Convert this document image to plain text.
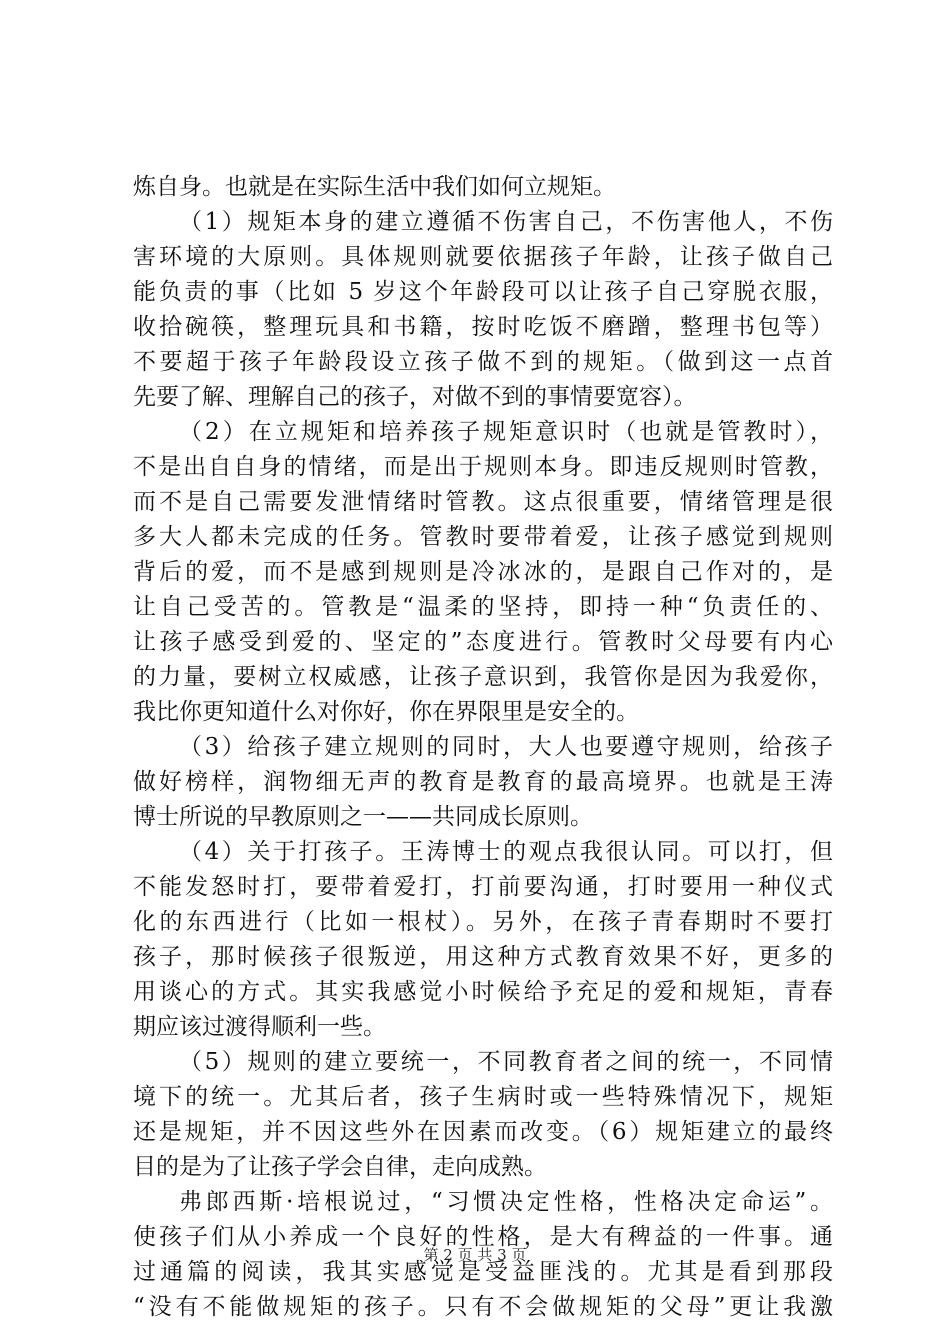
炼自身。也就是在实际生活中我们如何立规矩。
（1）规矩本身的建立遵循不伤害自己，不伤害他人，不伤
害环境的大原则。具体规则就要依据孩子年龄，让孩子做自己
能负责的事（比如 5 岁这个年龄段可以让孩子自己穿脱衣服，
收拾碗筷，整理玩具和书籍，按时吃饭不磨蹭，整理书包等）
不要超于孩子年龄段设立孩子做不到的规矩。（做到这一点首
先要了解、理解自己的孩子，对做不到的事情要宽容）。
（2）在立规矩和培养孩子规矩意识时（也就是管教时），
不是出自自身的情绪，而是出于规则本身。即违反规则时管教，
而不是自己需要发泄情绪时管教。这点很重要，情绪管理是很
多大人都未完成的任务。管教时要带着爱，让孩子感觉到规则
背后的爱，而不是感到规则是冷冰冰的，是跟自己作对的，是
让自己受苦的。管教是“温柔的坚持，即持一种“负责任的、
让孩子感受到爱的、坚定的”态度进行。管教时父母要有内心
的力量，要树立权威感，让孩子意识到，我管你是因为我爱你，
我比你更知道什么对你好，你在界限里是安全的。
（3）给孩子建立规则的同时，大人也要遵守规则，给孩子
做好榜样，润物细无声的教育是教育的最高境界。也就是王涛
博士所说的早教原则之一——共同成长原则。
（4）关于打孩子。王涛博士的观点我很认同。可以打，但
不能发怒时打，要带着爱打，打前要沟通，打时要用一种仪式
化的东西进行（比如一根杖）。另外，在孩子青春期时不要打
孩子，那时候孩子很叛逆，用这种方式教育效果不好，更多的
用谈心的方式。其实我感觉小时候给予充足的爱和规矩，青春
期应该过渡得顺利一些。
（5）规则的建立要统一，不同教育者之间的统一，不同情
境下的统一。尤其后者，孩子生病时或一些特殊情况下，规矩
还是规矩，并不因这些外在因素而改变。（6）规矩建立的最终
目的是为了让孩子学会自律，走向成熟。
弗郎西斯·培根说过，“习惯决定性格，性格决定命运”。
使孩子们从小养成一个良好的性格，是大有稗益的一件事。通
过通篇的阅读，我其实感觉是受益匪浅的。尤其是看到那段
“没有不能做规矩的孩子。只有不会做规矩的父母”更让我激
第 2 页 共 3 页
